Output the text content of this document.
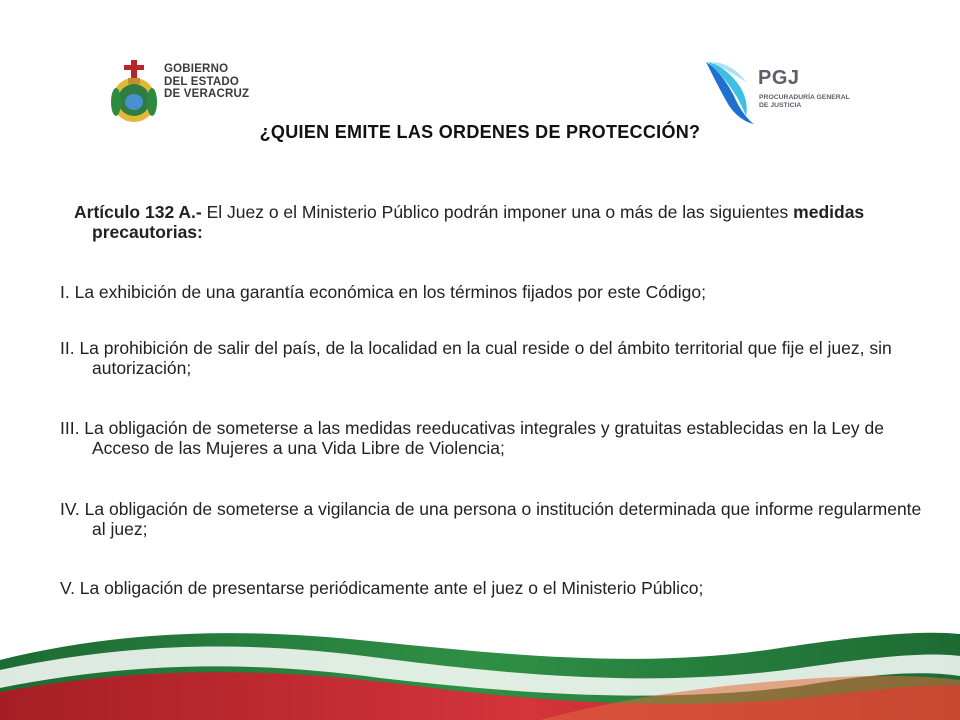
GOBIERNO
DEL ESTADO
DE VERACRUZ
PGJ
PROCURADURÍA GENERAL
DE JUSTICIA
¿QUIEN EMITE LAS ORDENES DE PROTECCIÓN?

Artículo 132 A.- El Juez o el Ministerio Público podrán imponer una o más de las siguientes medidas precautorias:

I. La exhibición de una garantía económica en los términos fijados por este Código;

II. La prohibición de salir del país, de la localidad en la cual reside o del ámbito territorial que fije el juez, sin autorización;

III. La obligación de someterse a las medidas reeducativas integrales y gratuitas establecidas en la Ley de Acceso de las Mujeres a una Vida Libre de Violencia;

IV. La obligación de someterse a vigilancia de una persona o institución determinada que informe regularmente al juez;

V. La obligación de presentarse periódicamente ante el juez o el Ministerio Público;
